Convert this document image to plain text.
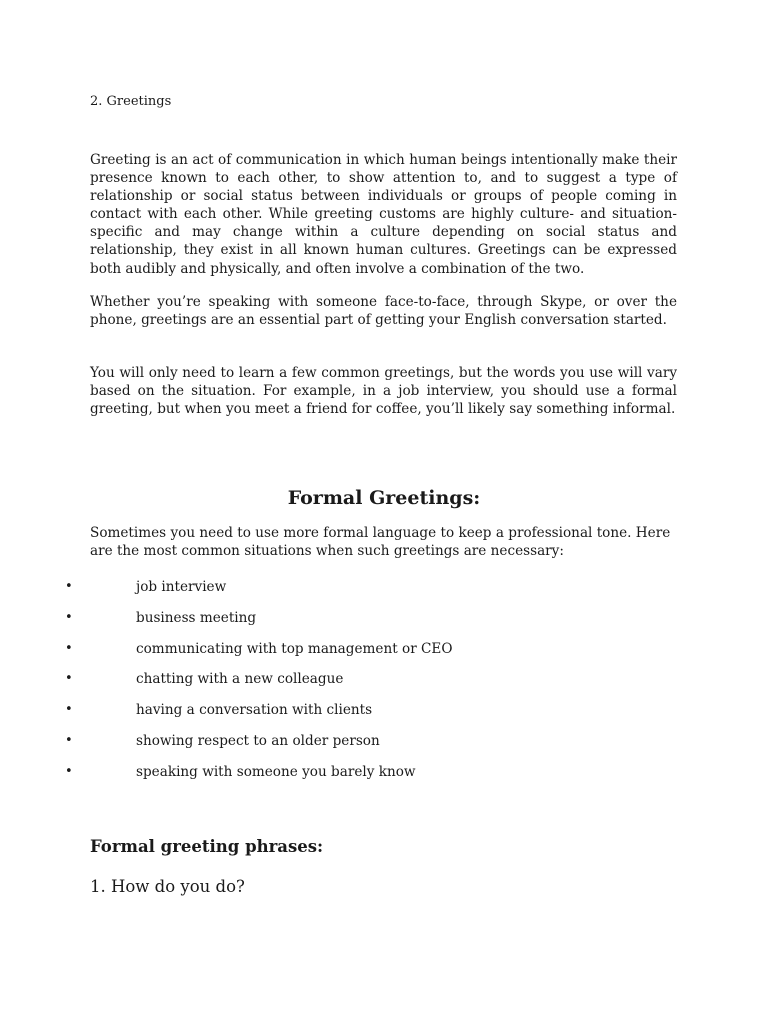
2. Greetings

Greeting is an act of communication in which human beings intentionally make their presence known to each other, to show attention to, and to suggest a type of relationship or social status between individuals or groups of people coming in contact with each other. While greeting customs are highly culture- and situation-specific and may change within a culture depending on social status and relationship, they exist in all known human cultures. Greetings can be expressed both audibly and physically, and often involve a combination of the two.

Whether you’re speaking with someone face-to-face, through Skype, or over the phone, greetings are an essential part of getting your English conversation started.

You will only need to learn a few common greetings, but the words you use will vary based on the situation. For example, in a job interview, you should use a formal greeting, but when you meet a friend for coffee, you’ll likely say something informal.

Formal Greetings:

Sometimes you need to use more formal language to keep a professional tone. Here are the most common situations when such greetings are necessary:

•	job interview
•	business meeting
•	communicating with top management or CEO
•	chatting with a new colleague
•	having a conversation with clients
•	showing respect to an older person
•	speaking with someone you barely know
Formal greeting phrases:

1. How do you do?
